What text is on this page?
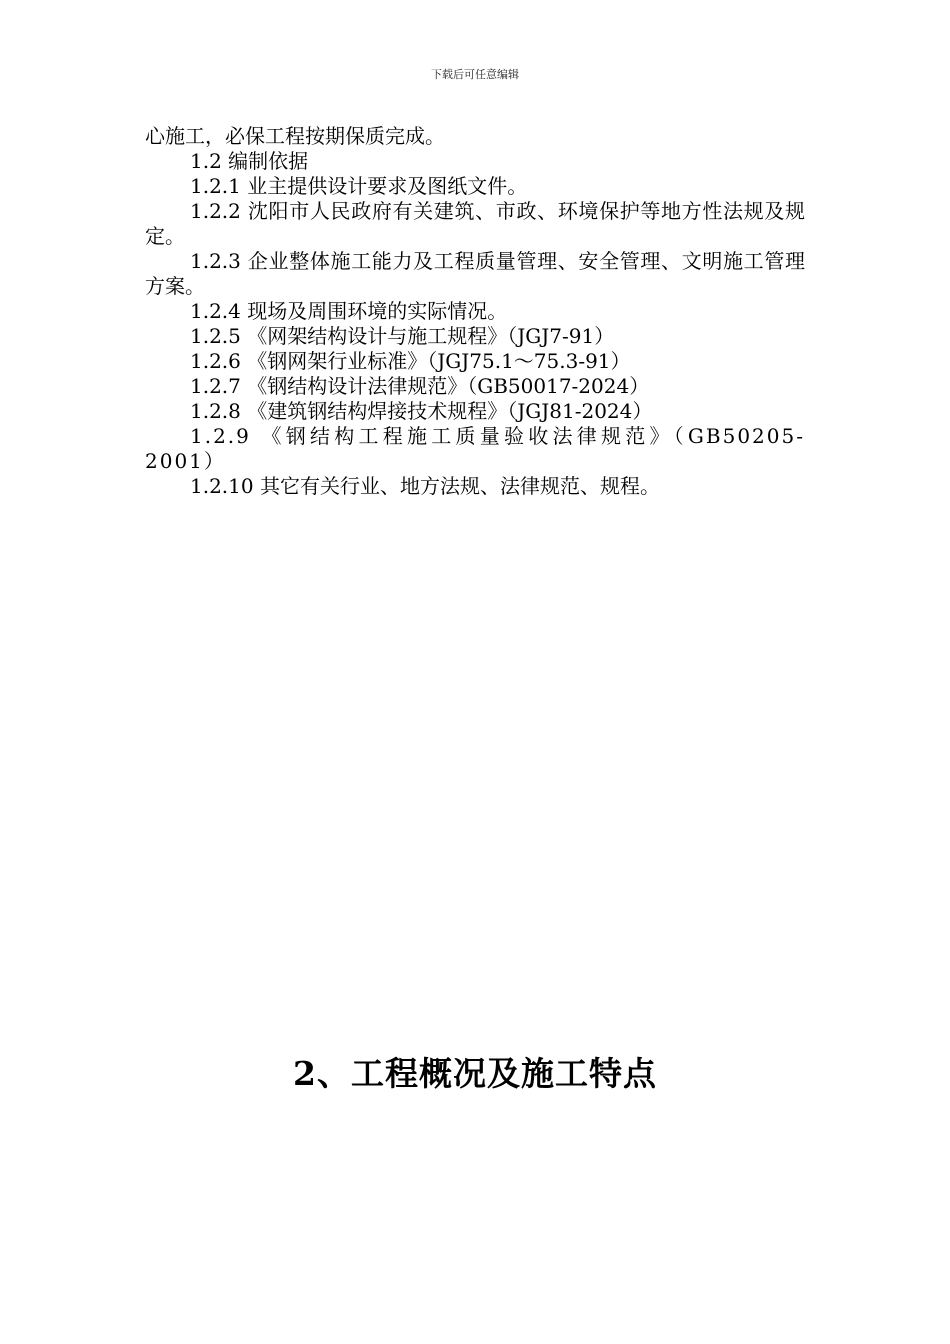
下载后可任意编辑

心施工，必保工程按期保质完成。

1.2 编制依据

1.2.1 业主提供设计要求及图纸文件。

1.2.2 沈阳市人民政府有关建筑、市政、环境保护等地方性法规及规定。

1.2.3 企业整体施工能力及工程质量管理、安全管理、文明施工管理方案。

1.2.4 现场及周围环境的实际情况。

1.2.5 《网架结构设计与施工规程》（JGJ7-91）

1.2.6 《钢网架行业标准》（JGJ75.1～75.3-91）

1.2.7 《钢结构设计法律规范》（GB50017-2024）

1.2.8 《建筑钢结构焊接技术规程》（JGJ81-2024）

1.2.9 《钢结构工程施工质量验收法律规范》（GB50205-2001）

1.2.10 其它有关行业、地方法规、法律规范、规程。

2、工程概况及施工特点
